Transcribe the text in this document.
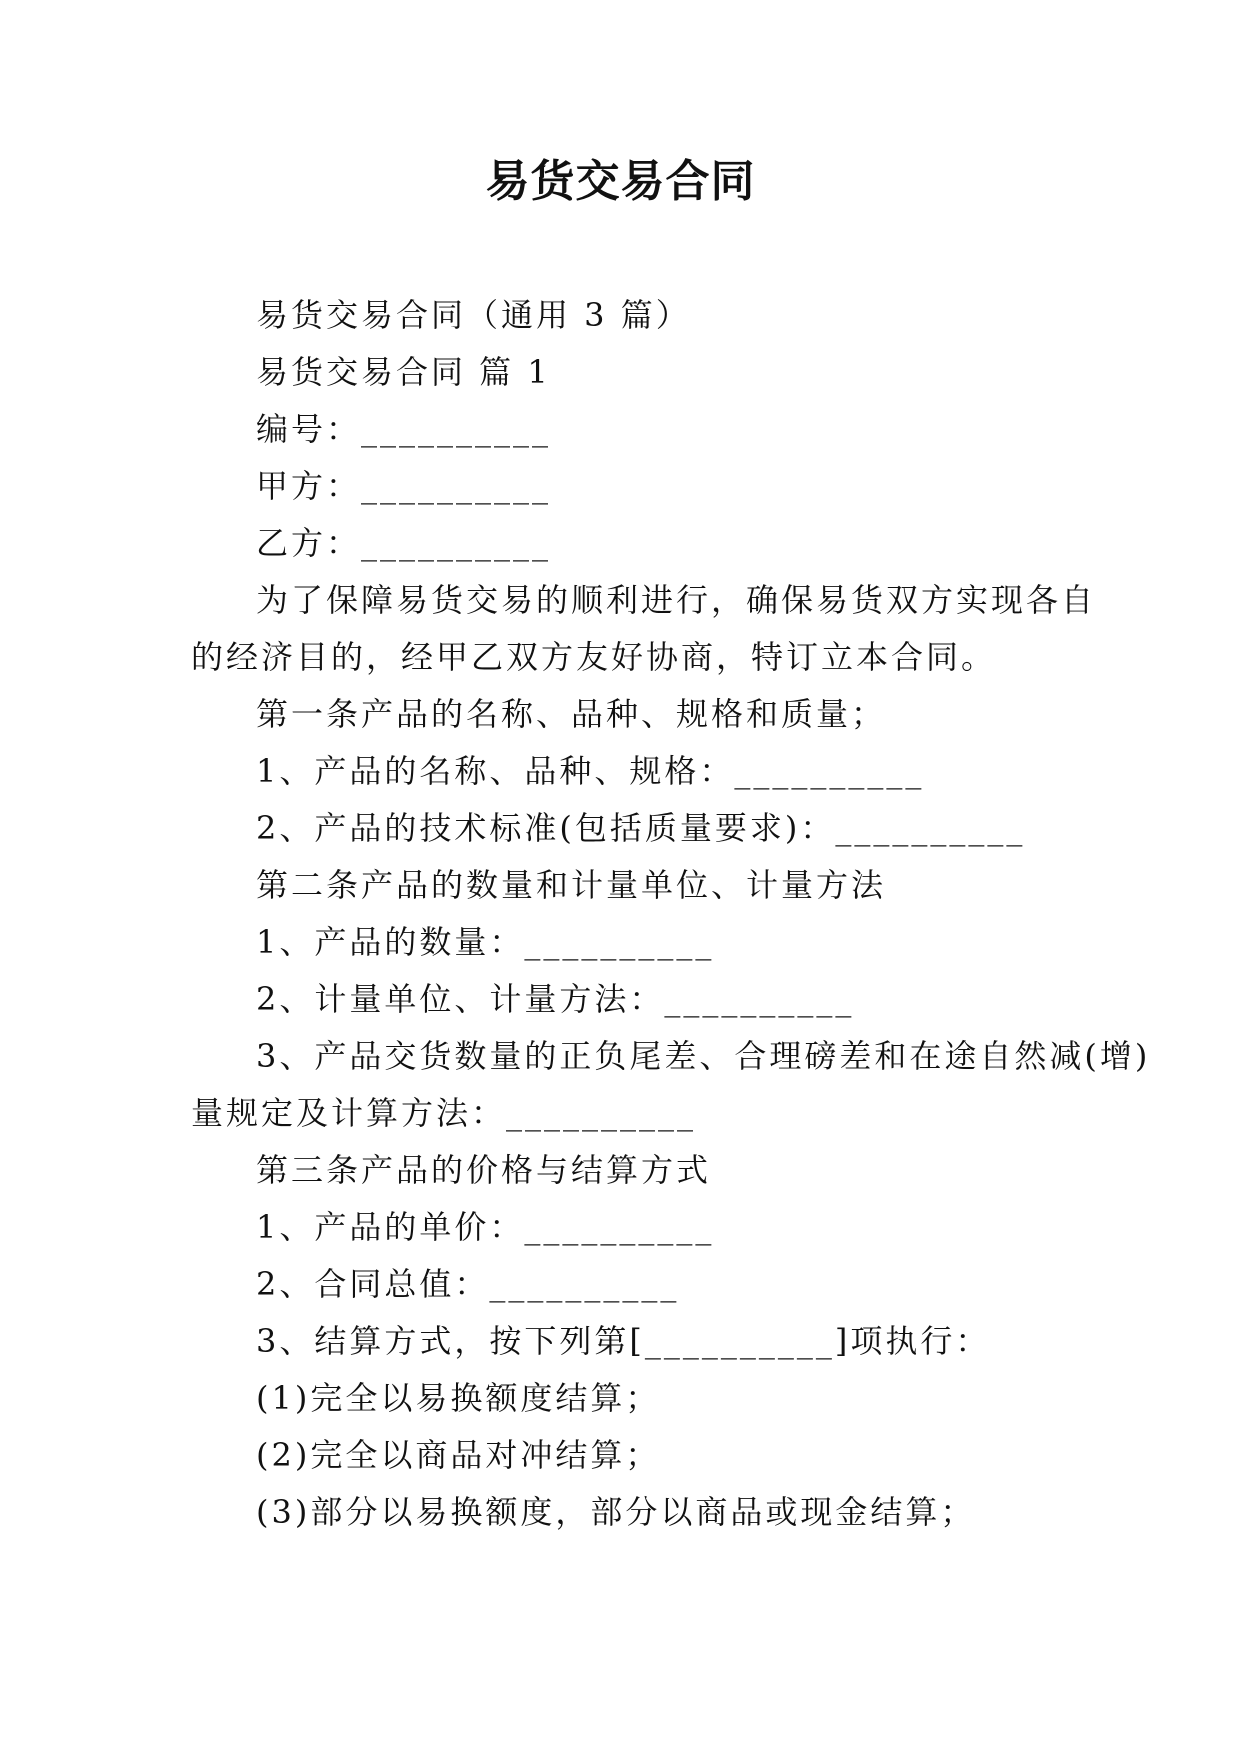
易货交易合同
易货交易合同（通用 3 篇）
易货交易合同 篇 1
编号：__________
甲方：__________
乙方：__________
为了保障易货交易的顺利进行，确保易货双方实现各自
的经济目的，经甲乙双方友好协商，特订立本合同。
第一条产品的名称、品种、规格和质量；
1、产品的名称、品种、规格：__________
2、产品的技术标准(包括质量要求)：__________
第二条产品的数量和计量单位、计量方法
1、产品的数量：__________
2、计量单位、计量方法：__________
3、产品交货数量的正负尾差、合理磅差和在途自然减(增)
量规定及计算方法：__________
第三条产品的价格与结算方式
1、产品的单价：__________
2、合同总值：__________
3、结算方式，按下列第[__________]项执行：
(1)完全以易换额度结算；
(2)完全以商品对冲结算；
(3)部分以易换额度，部分以商品或现金结算；
